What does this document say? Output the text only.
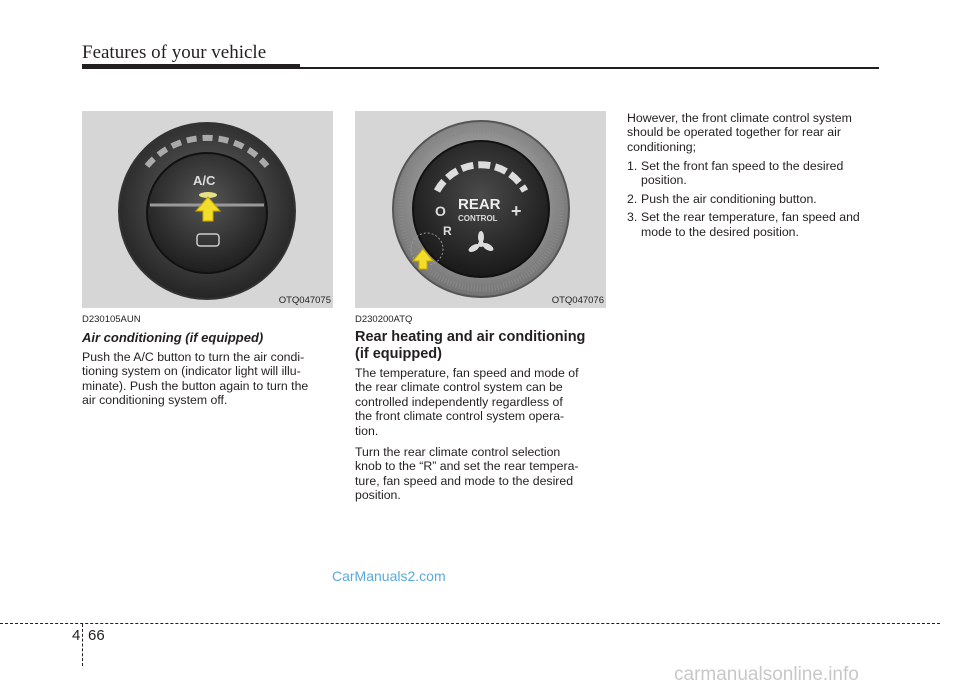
Features of your vehicle
A/C
OTQ047075
REAR
CONTROL
O	+
R
OTQ047076
D230105AUN
Air conditioning (if equipped)
Push the A/C button to turn the air condi-
tioning system on (indicator light will illu-
minate). Push the button again to turn the
air conditioning system off.
D230200ATQ
Rear heating and air conditioning
(if equipped)
The temperature, fan speed and mode of
the rear climate control system can be
controlled independently regardless of
the front climate control system opera-
tion.
Turn the rear climate control selection
knob to the “R” and set the rear tempera-
ture, fan speed and mode to the desired
position.
However, the front climate control system
should be operated together for rear air
conditioning;
1. Set the front fan speed to the desired position.
2. Push the air conditioning button.
3. Set the rear temperature, fan speed and mode to the desired position.
CarManuals2.com
4 66
carmanualsonline.info
